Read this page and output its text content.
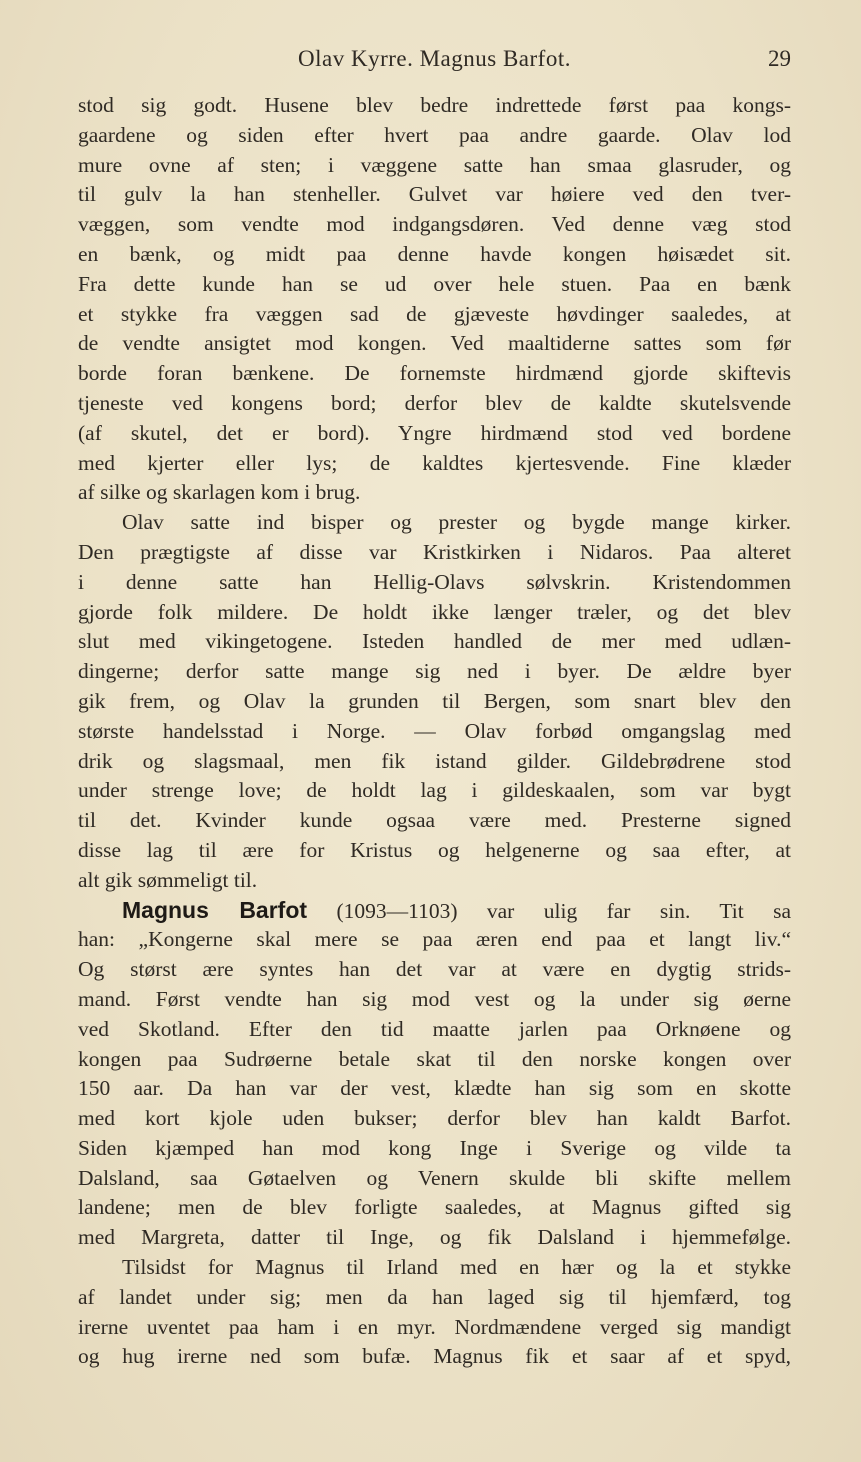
Olav Kyrre. Magnus Barfot.	29
stod sig godt. Husene blev bedre indrettede først paa kongs-
gaardene og siden efter hvert paa andre gaarde. Olav lod
mure ovne af sten; i væggene satte han smaa glasruder, og
til gulv la han stenheller. Gulvet var høiere ved den tver-
væggen, som vendte mod indgangsdøren. Ved denne væg stod
en bænk, og midt paa denne havde kongen høisædet sit.
Fra dette kunde han se ud over hele stuen. Paa en bænk
et stykke fra væggen sad de gjæveste høvdinger saaledes, at
de vendte ansigtet mod kongen. Ved maaltiderne sattes som før
borde foran bænkene. De fornemste hirdmænd gjorde skiftevis
tjeneste ved kongens bord; derfor blev de kaldte skutelsvende
(af skutel, det er bord). Yngre hirdmænd stod ved bordene
med kjerter eller lys; de kaldtes kjertesvende. Fine klæder
af silke og skarlagen kom i brug.
Olav satte ind bisper og prester og bygde mange kirker.
Den prægtigste af disse var Kristkirken i Nidaros. Paa alteret
i denne satte han Hellig-Olavs sølvskrin. Kristendommen
gjorde folk mildere. De holdt ikke længer træler, og det blev
slut med vikingetogene. Isteden handled de mer med udlæn-
dingerne; derfor satte mange sig ned i byer. De ældre byer
gik frem, og Olav la grunden til Bergen, som snart blev den
største handelsstad i Norge. — Olav forbød omgangslag med
drik og slagsmaal, men fik istand gilder. Gildebrødrene stod
under strenge love; de holdt lag i gildeskaalen, som var bygt
til det. Kvinder kunde ogsaa være med. Presterne signed
disse lag til ære for Kristus og helgenerne og saa efter, at
alt gik sømmeligt til.
Magnus Barfot (1093—1103) var ulig far sin. Tit sa
han: „Kongerne skal mere se paa æren end paa et langt liv.“
Og størst ære syntes han det var at være en dygtig strids-
mand. Først vendte han sig mod vest og la under sig øerne
ved Skotland. Efter den tid maatte jarlen paa Orknøene og
kongen paa Sudrøerne betale skat til den norske kongen over
150 aar. Da han var der vest, klædte han sig som en skotte
med kort kjole uden bukser; derfor blev han kaldt Barfot.
Siden kjæmped han mod kong Inge i Sverige og vilde ta
Dalsland, saa Gøtaelven og Venern skulde bli skifte mellem
landene; men de blev forligte saaledes, at Magnus gifted sig
med Margreta, datter til Inge, og fik Dalsland i hjemmefølge.
Tilsidst for Magnus til Irland med en hær og la et stykke
af landet under sig; men da han laged sig til hjemfærd, tog
irerne uventet paa ham i en myr. Nordmændene verged sig mandigt
og hug irerne ned som bufæ. Magnus fik et saar af et spyd,
